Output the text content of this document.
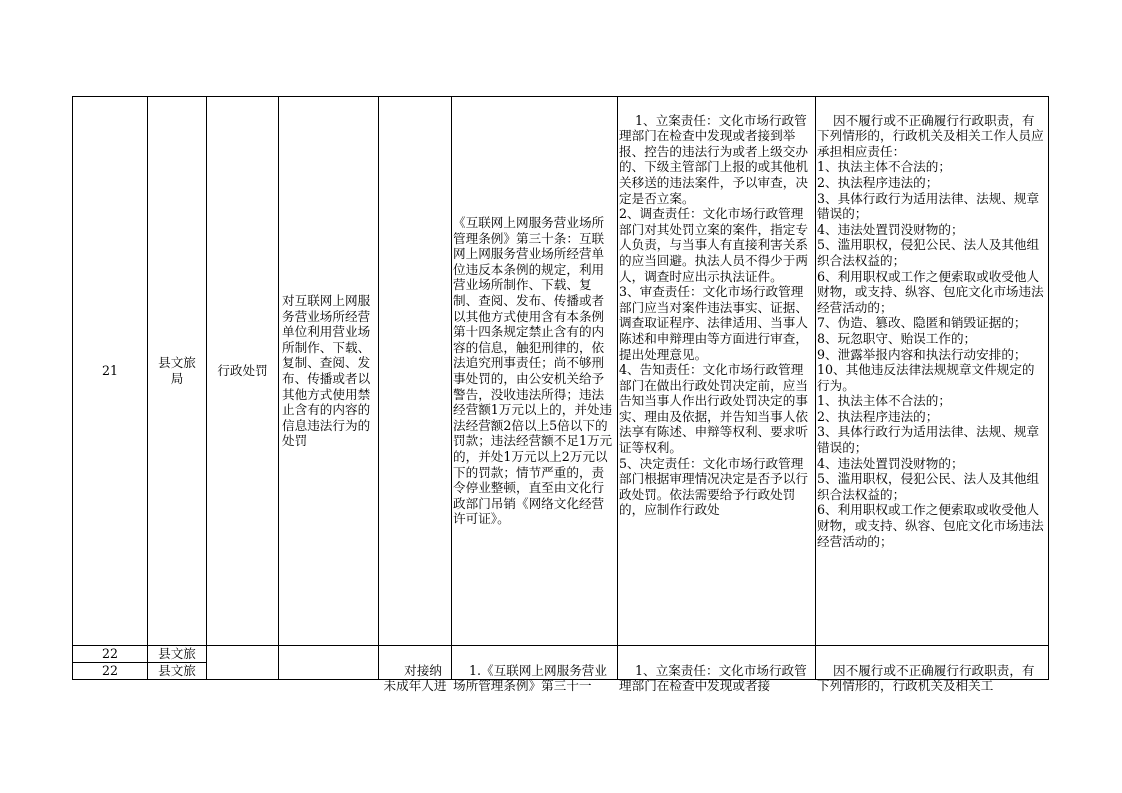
21
县文旅
局
行政处罚
对互联网上网服务营业场所经营单位利用营业场所制作、下载、复制、查阅、发布、传播或者以其他方式使用禁止含有的内容的信息违法行为的处罚

《互联网上网服务营业场所管理条例》第三十条：互联网上网服务营业场所经营单位违反本条例的规定，利用营业场所制作、下载、复制、查阅、发布、传播或者以其他方式使用含有本条例第十四条规定禁止含有的内容的信息，触犯刑律的，依法追究刑事责任；尚不够刑事处罚的，由公安机关给予警告，没收违法所得；违法经营额1万元以上的，并处违法经营额2倍以上5倍以下的罚款；违法经营额不足1万元的，并处1万元以上2万元以下的罚款；情节严重的，责令停业整顿，直至由文化行政部门吊销《网络文化经营许可证》。

1、立案责任：文化市场行政管理部门在检查中发现或者接到举报、控告的违法行为或者上级交办的、下级主管部门上报的或其他机关移送的违法案件，予以审查，决定是否立案。
2、调查责任：文化市场行政管理部门对其处罚立案的案件，指定专人负责，与当事人有直接利害关系的应当回避。执法人员不得少于两人，调查时应出示执法证件。
3、审查责任：文化市场行政管理部门应当对案件违法事实、证据、调查取证程序、法律适用、当事人陈述和申辩理由等方面进行审查，提出处理意见。
4、告知责任：文化市场行政管理部门在做出行政处罚决定前，应当告知当事人作出行政处罚决定的事实、理由及依据，并告知当事人依法享有陈述、申辩等权利、要求听证等权利。
5、决定责任：文化市场行政管理部门根据审理情况决定是否予以行政处罚。依法需要给予行政处罚的，应制作行政处

因不履行或不正确履行行政职责，有下列情形的，行政机关及相关工作人员应承担相应责任：
1、执法主体不合法的；
2、执法程序违法的；
3、具体行政行为适用法律、法规、规章错误的；
4、违法处置罚没财物的；
5、滥用职权，侵犯公民、法人及其他组织合法权益的；
6、利用职权或工作之便索取或收受他人财物，或支持、纵容、包庇文化市场违法经营活动的；
7、伪造、篡改、隐匿和销毁证据的；
8、玩忽职守、贻误工作的；
9、泄露举报内容和执法行动安排的；
10、其他违反法律法规规章文件规定的行为。
1、执法主体不合法的；
2、执法程序违法的；
3、具体行政行为适用法律、法规、规章错误的；
4、违法处置罚没财物的；
5、滥用职权，侵犯公民、法人及其他组织合法权益的；
6、利用职权或工作之便索取或收受他人财物，或支持、纵容、包庇文化市场违法经营活动的；

22	县文旅

对接纳未成年人进

1.《互联网上网服务营业场所管理条例》第三十一

1、立案责任：文化市场行政管理部门在检查中发现或者接

因不履行或不正确履行行政职责，有下列情形的，行政机关及相关工

22	县文旅
